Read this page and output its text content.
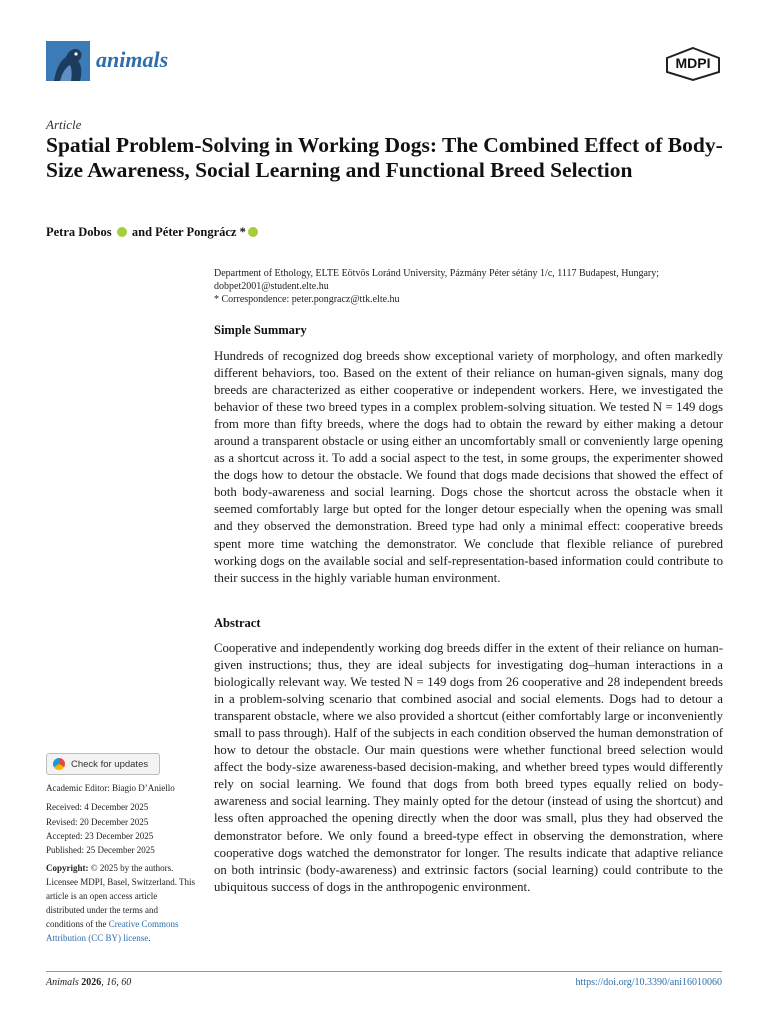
animals	MDPI
Article
Spatial Problem-Solving in Working Dogs: The Combined Effect of Body-Size Awareness, Social Learning and Functional Breed Selection
Petra Dobos  and Péter Pongrácz *
Department of Ethology, ELTE Eötvös Loránd University, Pázmány Péter sétány 1/c, 1117 Budapest, Hungary; dobpet2001@student.elte.hu
* Correspondence: peter.pongracz@ttk.elte.hu
Simple Summary
Hundreds of recognized dog breeds show exceptional variety of morphology, and often markedly different behaviors, too. Based on the extent of their reliance on human-given signals, many dog breeds are characterized as either cooperative or independent workers. Here, we investigated the behavior of these two breed types in a complex problem-solving situation. We tested N = 149 dogs from more than fifty breeds, where the dogs had to obtain the reward by either making a detour around a transparent obstacle or using either an uncomfortably small or conveniently large opening as a shortcut across it. To add a social aspect to the test, in some groups, the experimenter showed the dogs how to detour the obstacle. We found that dogs made decisions that showed the effect of both body-awareness and social learning. Dogs chose the shortcut across the obstacle when it seemed comfortably large but opted for the longer detour especially when the opening was small and they observed the demonstration. Breed type had only a minimal effect: cooperative breeds spent more time watching the demonstrator. We conclude that flexible reliance of purebred working dogs on the available social and self-representation-based information could contribute to their success in the highly variable human environment.
Abstract
Cooperative and independently working dog breeds differ in the extent of their reliance on human-given instructions; thus, they are ideal subjects for investigating dog–human interactions in a biologically relevant way. We tested N = 149 dogs from 26 cooperative and 28 independent breeds in a problem-solving scenario that combined asocial and social elements. Dogs had to detour a transparent obstacle, where we also provided a shortcut (either comfortably large or inconveniently small to pass through). Half of the subjects in each condition observed the human demonstration of how to detour the obstacle. Our main questions were whether functional breed selection would affect the body-size awareness-based decision-making, and whether breed types would differently rely on social learning. We found that dogs from both breed types equally relied on body-awareness and social learning. They mainly opted for the detour (instead of using the shortcut) and less often approached the opening directly when the door was small, plus they had observed the demonstrator before. We only found a breed-type effect in observing the demonstration, where cooperative dogs watched the demonstrator for longer. The results indicate that adaptive reliance on both intrinsic (body-awareness) and extrinsic factors (social learning) could contribute to the ubiquitous success of dogs in the anthropogenic environment.
Check for updates
Academic Editor: Biagio D’Aniello
Received: 4 December 2025
Revised: 20 December 2025
Accepted: 23 December 2025
Published: 25 December 2025
Copyright: © 2025 by the authors. Licensee MDPI, Basel, Switzerland. This article is an open access article distributed under the terms and conditions of the Creative Commons Attribution (CC BY) license.
Animals 2026, 16, 60	https://doi.org/10.3390/ani16010060
